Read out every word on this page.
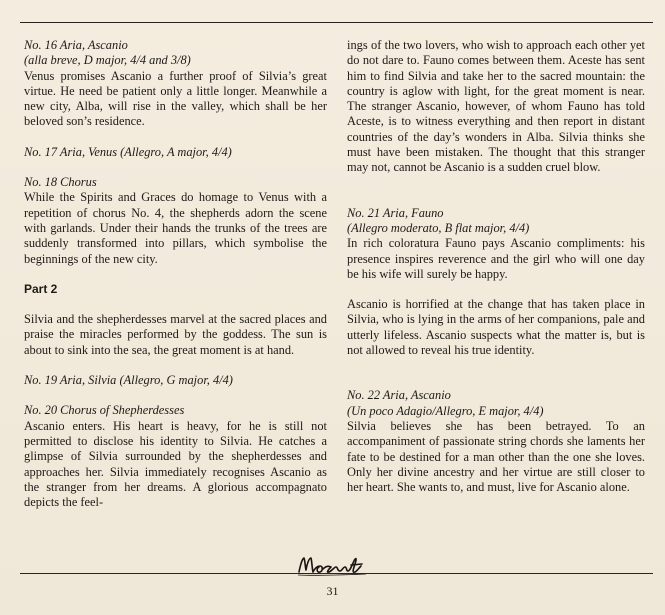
No. 16 Aria, Ascanio

(alla breve, D major, 4/4 and 3/8)

Venus promises Ascanio a further proof of Silvia’s great virtue. He need be patient only a little longer. Meanwhile a new city, Alba, will rise in the valley, which shall be her beloved son’s residence.

No. 17 Aria, Venus (Allegro, A major, 4/4)

No. 18 Chorus

While the Spirits and Graces do homage to Venus with a repetition of chorus No. 4, the shepherds adorn the scene with garlands. Under their hands the trunks of the trees are suddenly transformed into pillars, which symbolise the beginnings of the new city.

Part 2

Silvia and the shepherdesses marvel at the sacred places and praise the miracles performed by the goddess. The sun is about to sink into the sea, the great moment is at hand.

No. 19 Aria, Silvia (Allegro, G major, 4/4)

No. 20 Chorus of Shepherdesses

Ascanio enters. His heart is heavy, for he is still not permitted to disclose his identity to Silvia. He catches a glimpse of Silvia surrounded by the shepherdesses and approaches her. Silvia immediately recognises Ascanio as the stranger from her dreams. A glorious accompagnato depicts the feel-

ings of the two lovers, who wish to approach each other yet do not dare to. Fauno comes between them. Aceste has sent him to find Silvia and take her to the sacred mountain: the country is aglow with light, for the great moment is near. The stranger Ascanio, however, of whom Fauno has told Aceste, is to witness everything and then report in distant countries of the day’s wonders in Alba. Silvia thinks she must have been mistaken. The thought that this stranger may not, cannot be Ascanio is a sudden cruel blow.

No. 21 Aria, Fauno

(Allegro moderato, B flat major, 4/4)

In rich coloratura Fauno pays Ascanio compliments: his presence inspires reverence and the girl who will one day be his wife will surely be happy.

Ascanio is horrified at the change that has taken place in Silvia, who is lying in the arms of her companions, pale and utterly lifeless. Ascanio suspects what the matter is, but is not allowed to reveal his true identity.

No. 22 Aria, Ascanio

(Un poco Adagio/Allegro, E major, 4/4)

Silvia believes she has been betrayed. To an accompaniment of passionate string chords she laments her fate to be destined for a man other than the one she loves. Only her divine ancestry and her virtue are still closer to her heart. She wants to, and must, live for Ascanio alone.

31
